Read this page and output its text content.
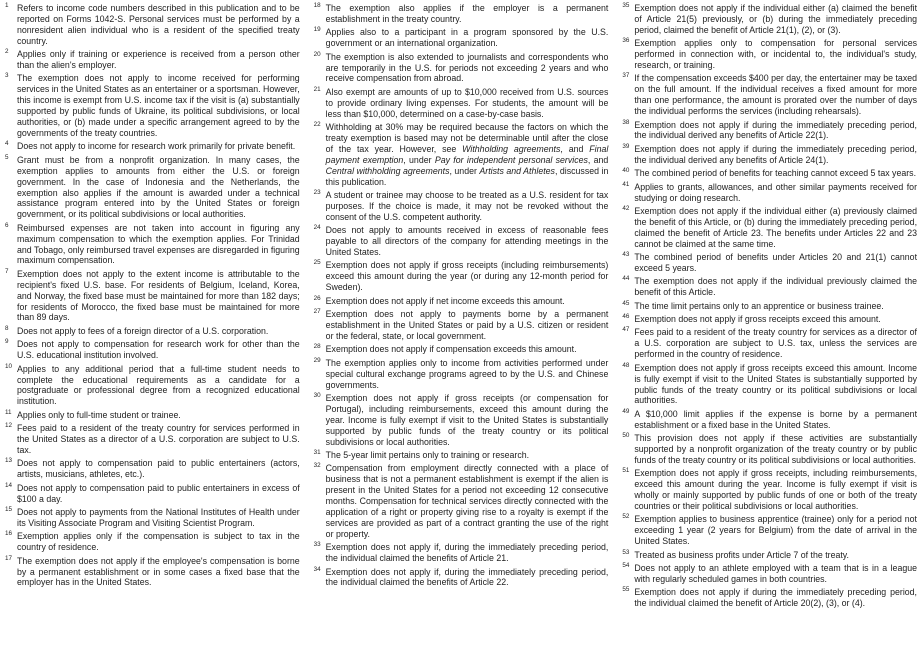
1 Refers to income code numbers described in this publication and to be reported on Forms 1042-S. Personal services must be performed by a nonresident alien individual who is a resident of the specified treaty country.
2 Applies only if training or experience is received from a person other than the alien's employer.
3 The exemption does not apply to income received for performing services in the United States as an entertainer or a sportsman. However, this income is exempt from U.S. income tax if the visit is (a) substantially supported by public funds of Ukraine, its political subdivisions, or local authorities, or (b) made under a specific arrangement agreed to by the governments of the treaty countries.
4 Does not apply to income for research work primarily for private benefit.
5 Grant must be from a nonprofit organization. In many cases, the exemption applies to amounts from either the U.S. or foreign government. In the case of Indonesia and the Netherlands, the exemption also applies if the amount is awarded under a technical assistance program entered into by the United States or foreign government, or its political subdivisions or local authorities.
6 Reimbursed expenses are not taken into account in figuring any maximum compensation to which the exemption applies. For Trinidad and Tobago, only reimbursed travel expenses are disregarded in figuring maximum compensation.
7 Exemption does not apply to the extent income is attributable to the recipient's fixed U.S. base. For residents of Belgium, Iceland, Korea, and Norway, the fixed base must be maintained for more than 182 days; for residents of Morocco, the fixed base must be maintained for more than 89 days.
8 Does not apply to fees of a foreign director of a U.S. corporation.
9 Does not apply to compensation for research work for other than the U.S. educational institution involved.
10 Applies to any additional period that a full-time student needs to complete the educational requirements as a candidate for a postgraduate or professional degree from a recognized educational institution.
11 Applies only to full-time student or trainee.
12 Fees paid to a resident of the treaty country for services performed in the United States as a director of a U.S. corporation are subject to U.S. tax.
13 Does not apply to compensation paid to public entertainers (actors, artists, musicians, athletes, etc.).
14 Does not apply to compensation paid to public entertainers in excess of $100 a day.
15 Does not apply to payments from the National Institutes of Health under its Visiting Associate Program and Visiting Scientist Program.
16 Exemption applies only if the compensation is subject to tax in the country of residence.
17 The exemption does not apply if the employee's compensation is borne by a permanent establishment or in some cases a fixed base that the employer has in the United States.
18 The exemption also applies if the employer is a permanent establishment in the treaty country.
19 Applies also to a participant in a program sponsored by the U.S. government or an international organization.
20 The exemption is also extended to journalists and correspondents who are temporarily in the U.S. for periods not exceeding 2 years and who receive compensation from abroad.
21 Also exempt are amounts of up to $10,000 received from U.S. sources to provide ordinary living expenses. For students, the amount will be less than $10,000, determined on a case-by-case basis.
22 Withholding at 30% may be required because the factors on which the treaty exemption is based may not be determinable until after the close of the tax year. However, see Withholding agreements, and Final payment exemption, under Pay for independent personal services, and Central withholding agreements, under Artists and Athletes, discussed in this publication.
23 A student or trainee may choose to be treated as a U.S. resident for tax purposes. If the choice is made, it may not be revoked without the consent of the U.S. competent authority.
24 Does not apply to amounts received in excess of reasonable fees payable to all directors of the company for attending meetings in the United States.
25 Exemption does not apply if gross receipts (including reimbursements) exceed this amount during the year (or during any 12-month period for Sweden).
26 Exemption does not apply if net income exceeds this amount.
27 Exemption does not apply to payments borne by a permanent establishment in the United States or paid by a U.S. citizen or resident or the federal, state, or local government.
28 Exemption does not apply if compensation exceeds this amount.
29 The exemption applies only to income from activities performed under special cultural exchange programs agreed to by the U.S. and Chinese governments.
30 Exemption does not apply if gross receipts (or compensation for Portugal), including reimbursements, exceed this amount during the year. Income is fully exempt if visit to the United States is substantially supported by public funds of the treaty country or its political subdivisions or local authorities.
31 The 5-year limit pertains only to training or research.
32 Compensation from employment directly connected with a place of business that is not a permanent establishment is exempt if the alien is present in the United States for a period not exceeding 12 consecutive months. Compensation for technical services directly connected with the application of a right or property giving rise to a royalty is exempt if the services are provided as part of a contract granting the use of the right or property.
33 Exemption does not apply if, during the immediately preceding period, the individual claimed the benefits of Article 21.
34 Exemption does not apply if, during the immediately preceding period, the individual claimed the benefits of Article 22.
35 Exemption does not apply if the individual either (a) claimed the benefit of Article 21(5) previously, or (b) during the immediately preceding period, claimed the benefit of Article 21(1), (2), or (3).
36 Exemption applies only to compensation for personal services performed in connection with, or incidental to, the individual's study, research, or training.
37 If the compensation exceeds $400 per day, the entertainer may be taxed on the full amount. If the individual receives a fixed amount for more than one performance, the amount is prorated over the number of days the individual performs the services (including rehearsals).
38 Exemption does not apply if during the immediately preceding period, the individual derived any benefits of Article 22(1).
39 Exemption does not apply if during the immediately preceding period, the individual derived any benefits of Article 24(1).
40 The combined period of benefits for teaching cannot exceed 5 tax years.
41 Applies to grants, allowances, and other similar payments received for studying or doing research.
42 Exemption does not apply if the individual either (a) previously claimed the benefit of this Article, or (b) during the immediately preceding period, claimed the benefit of Article 23. The benefits under Articles 22 and 23 cannot be claimed at the same time.
43 The combined period of benefits under Articles 20 and 21(1) cannot exceed 5 years.
44 The exemption does not apply if the individual previously claimed the benefit of this Article.
45 The time limit pertains only to an apprentice or business trainee.
46 Exemption does not apply if gross receipts exceed this amount.
47 Fees paid to a resident of the treaty country for services as a director of a U.S. corporation are subject to U.S. tax, unless the services are performed in the country of residence.
48 Exemption does not apply if gross receipts exceed this amount. Income is fully exempt if visit to the United States is substantially supported by public funds of the treaty country or its political subdivisions or local authorities.
49 A $10,000 limit applies if the expense is borne by a permanent establishment or a fixed base in the United States.
50 This provision does not apply if these activities are substantially supported by a nonprofit organization of the treaty country or by public funds of the treaty country or its political subdivisions or local authorities.
51 Exemption does not apply if gross receipts, including reimbursements, exceed this amount during the year. Income is fully exempt if visit is wholly or mainly supported by public funds of one or both of the treaty countries or their political subdivisions or local authorities.
52 Exemption applies to business apprentice (trainee) only for a period not exceeding 1 year (2 years for Belgium) from the date of arrival in the United States.
53 Treated as business profits under Article 7 of the treaty.
54 Does not apply to an athlete employed with a team that is in a league with regularly scheduled games in both countries.
55 Exemption does not apply if during the immediately preceding period, the individual claimed the benefit of Article 20(2), (3), or (4).
